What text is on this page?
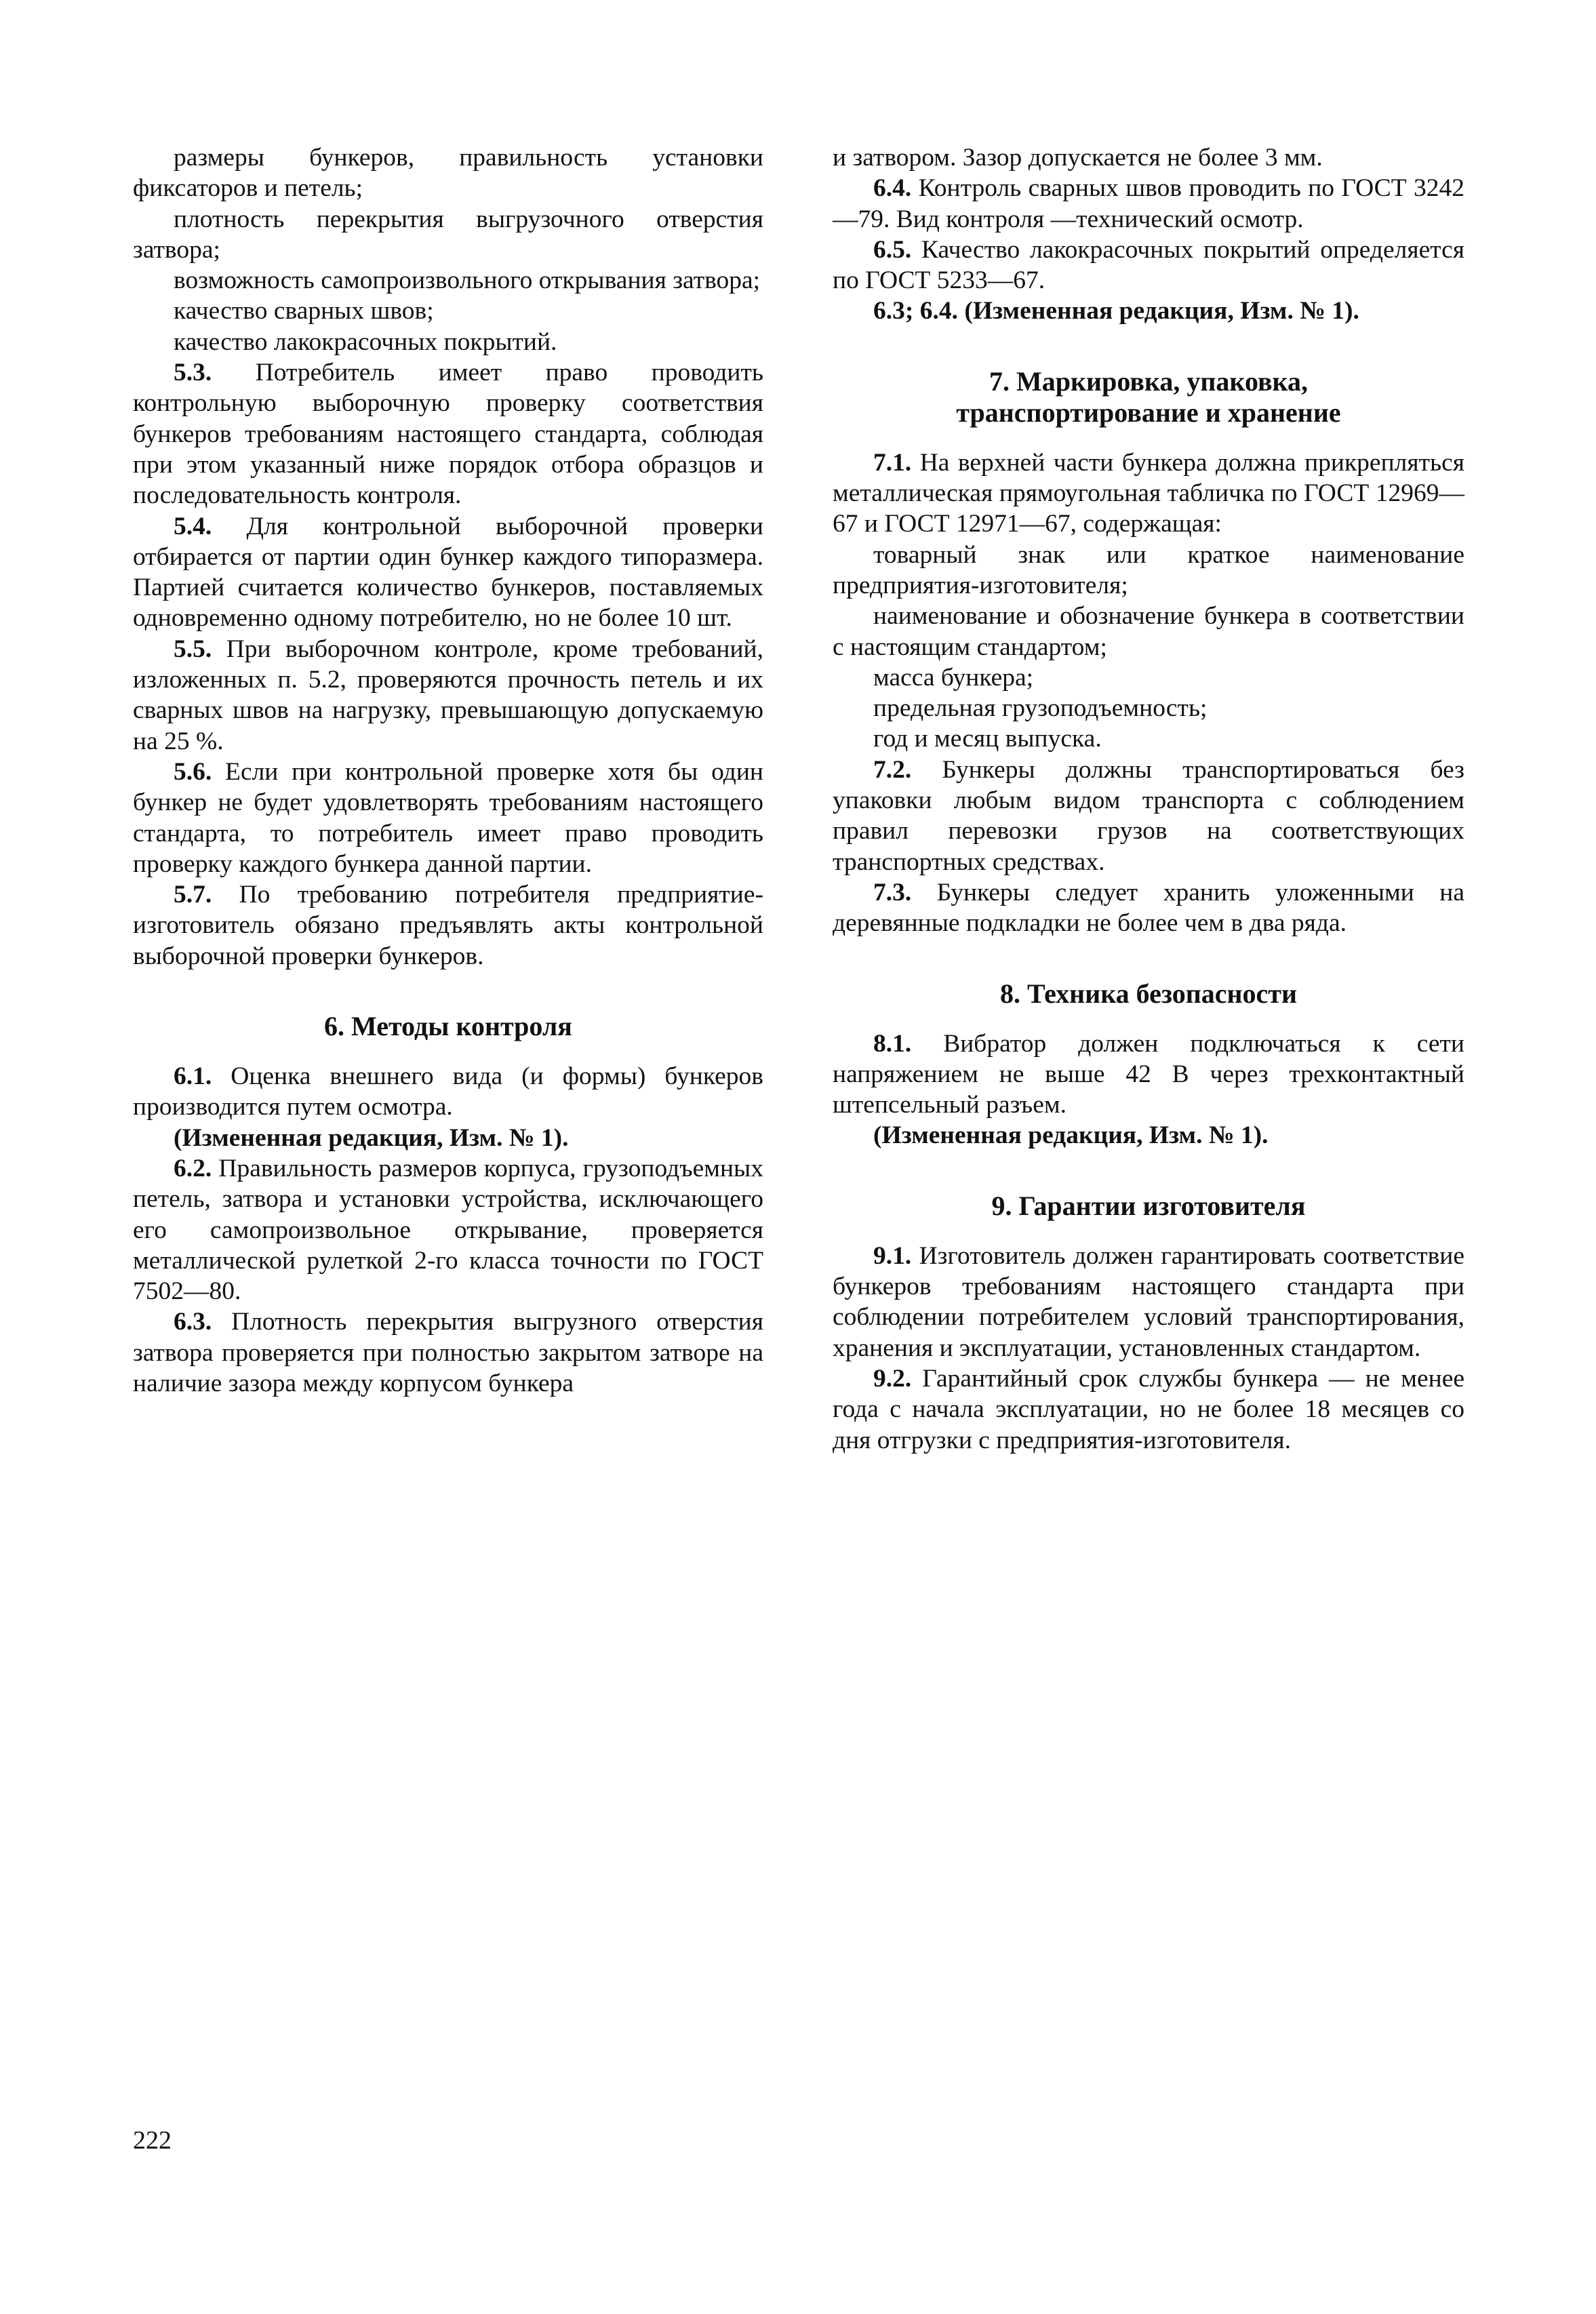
размеры бункеров, правильность установки фиксаторов и петель;

плотность перекрытия выгрузочного отверстия затвора;

возможность самопроизвольного открывания затвора;

качество сварных швов;

качество лакокрасочных покрытий.

5.3. Потребитель имеет право проводить контрольную выборочную проверку соответствия бункеров требованиям настоящего стандарта, соблюдая при этом указанный ниже порядок отбора образцов и последовательность контроля.

5.4. Для контрольной выборочной проверки отбирается от партии один бункер каждого типоразмера. Партией считается количество бункеров, поставляемых одновременно одному потребителю, но не более 10 шт.

5.5. При выборочном контроле, кроме требований, изложенных п. 5.2, проверяются прочность петель и их сварных швов на нагрузку, превышающую допускаемую на 25 %.

5.6. Если при контрольной проверке хотя бы один бункер не будет удовлетворять требованиям настоящего стандарта, то потребитель имеет право проводить проверку каждого бункера данной партии.

5.7. По требованию потребителя предприятие-изготовитель обязано предъявлять акты контрольной выборочной проверки бункеров.

6. Методы контроля

6.1. Оценка внешнего вида (и формы) бункеров производится путем осмотра.

(Измененная редакция, Изм. № 1).

6.2. Правильность размеров корпуса, грузоподъемных петель, затвора и установки устройства, исключающего его самопроизвольное открывание, проверяется металлической рулеткой 2-го класса точности по ГОСТ 7502—80.

6.3. Плотность перекрытия выгрузного отверстия затвора проверяется при полностью закрытом затворе на наличие зазора между корпусом бункера

и затвором. Зазор допускается не более 3 мм.

6.4. Контроль сварных швов проводить по ГОСТ 3242—79. Вид контроля —технический осмотр.

6.5. Качество лакокрасочных покрытий определяется по ГОСТ 5233—67.

6.3; 6.4. (Измененная редакция, Изм. № 1).

7. Маркировка, упаковка,
транспортирование и хранение

7.1. На верхней части бункера должна прикрепляться металлическая прямоугольная табличка по ГОСТ 12969—67 и ГОСТ 12971—67, содержащая:

товарный знак или краткое наименование предприятия-изготовителя;

наименование и обозначение бункера в соответствии с настоящим стандартом;

масса бункера;

предельная грузоподъемность;

год и месяц выпуска.

7.2. Бункеры должны транспортироваться без упаковки любым видом транспорта с соблюдением правил перевозки грузов на соответствующих транспортных средствах.

7.3. Бункеры следует хранить уложенными на деревянные подкладки не более чем в два ряда.

8. Техника безопасности

8.1. Вибратор должен подключаться к сети напряжением не выше 42 В через трехконтактный штепсельный разъем.

(Измененная редакция, Изм. № 1).

9. Гарантии изготовителя

9.1. Изготовитель должен гарантировать соответствие бункеров требованиям настоящего стандарта при соблюдении потребителем условий транспортирования, хранения и эксплуатации, установленных стандартом.

9.2. Гарантийный срок службы бункера — не менее года с начала эксплуатации, но не более 18 месяцев со дня отгрузки с предприятия-изготовителя.

222
